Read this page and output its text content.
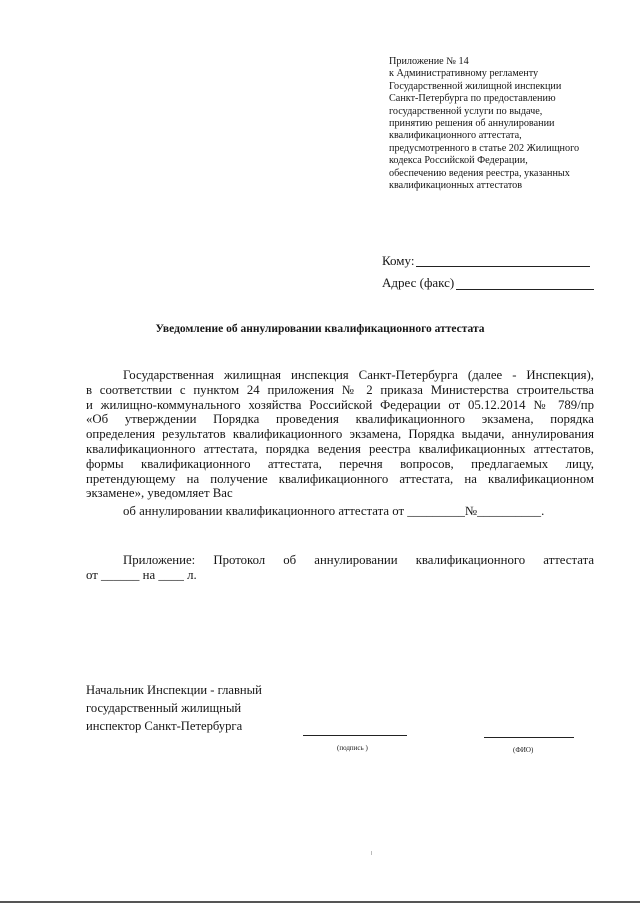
Приложение № 14
к Административному регламенту
Государственной жилищной инспекции
Санкт-Петербурга по предоставлению
государственной услуги по выдаче,
принятию решения об аннулировании
квалификационного аттестата,
предусмотренного в статье 202 Жилищного
кодекса Российской Федерации,
обеспечению ведения реестра, указанных
квалификационных аттестатов
Кому:
Адрес (факс)
Уведомление об аннулировании квалификационного аттестата
Государственная жилищная инспекция Санкт-Петербурга (далее - Инспекция),
в соответствии с пунктом 24 приложения № 2 приказа Министерства строительства
и жилищно-коммунального хозяйства Российской Федерации от 05.12.2014 № 789/пр
«Об утверждении Порядка проведения квалификационного экзамена, порядка
определения результатов квалификационного экзамена, Порядка выдачи, аннулирования
квалификационного аттестата, порядка ведения реестра квалификационных аттестатов,
формы квалификационного аттестата, перечня вопросов, предлагаемых лицу,
претендующему на получение квалификационного аттестата, на квалификационном
экзамене», уведомляет Вас
об аннулировании квалификационного аттестата от _________№__________.
Приложение: Протокол об аннулировании квалификационного аттестата
от ______ на ____ л.
Начальник Инспекции - главный
государственный жилищный
инспектор Санкт-Петербурга
(подпись )	(ФИО)
